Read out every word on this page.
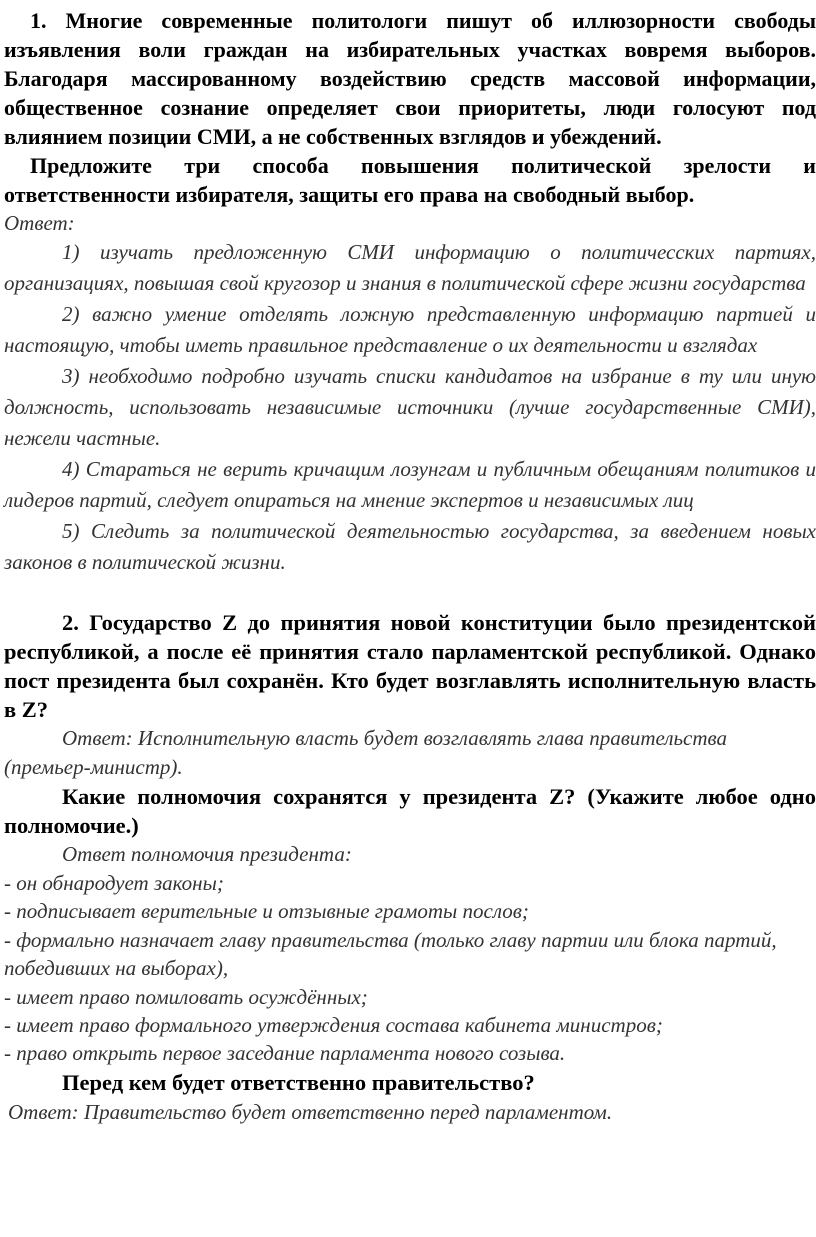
1. Многие современные политологи пишут об иллюзорности свободы изъявления воли граждан на избирательных участках вовремя выборов. Благодаря массированному воздействию средств массовой информации, общественное сознание определяет свои приоритеты, люди голосуют под влиянием позиции СМИ, а не собственных взглядов и убеждений.

Предложите три способа повышения политической зрелости и ответственности избирателя, защиты его права на свободный выбор.

Ответ:

1) изучать предложенную СМИ информацию о политичесских партиях, организациях, повышая свой кругозор и знания в политической сфере жизни государства

2) важно умение отделять ложную представленную информацию партией и настоящую, чтобы иметь правильное представление о их деятельности и взглядах

3) необходимо подробно изучать списки кандидатов на избрание в ту или иную должность, использовать независимые источники (лучше государственные СМИ), нежели частные.

4) Стараться не верить кричащим лозунгам и публичным обещаниям политиков и лидеров партий, следует опираться на мнение экспертов и независимых лиц

5) Следить за политической деятельностью государства, за введением новых законов в политической жизни.

2. Государство Z до принятия новой конституции было президентской республикой, а после её принятия стало парламентской республикой. Однако пост президента был сохранён. Кто будет возглавлять исполнительную власть в Z?

Ответ: Исполнительную власть будет возглавлять глава правительства (премьер-министр).

Какие полномочия сохранятся у президента Z? (Укажите любое одно полномочие.)

Ответ полномочия президента:

- он обнародует законы;

- подписывает верительные и отзывные грамоты послов;

- формально назначает главу правительства (только главу партии или блока партий, победивших на выборах),

- имеет право помиловать осуждённых;

- имеет право формального утверждения состава кабинета министров;

- право открыть первое заседание парламента нового созыва.

Перед кем будет ответственно правительство?

Ответ: Правительство будет ответственно перед парламентом.
